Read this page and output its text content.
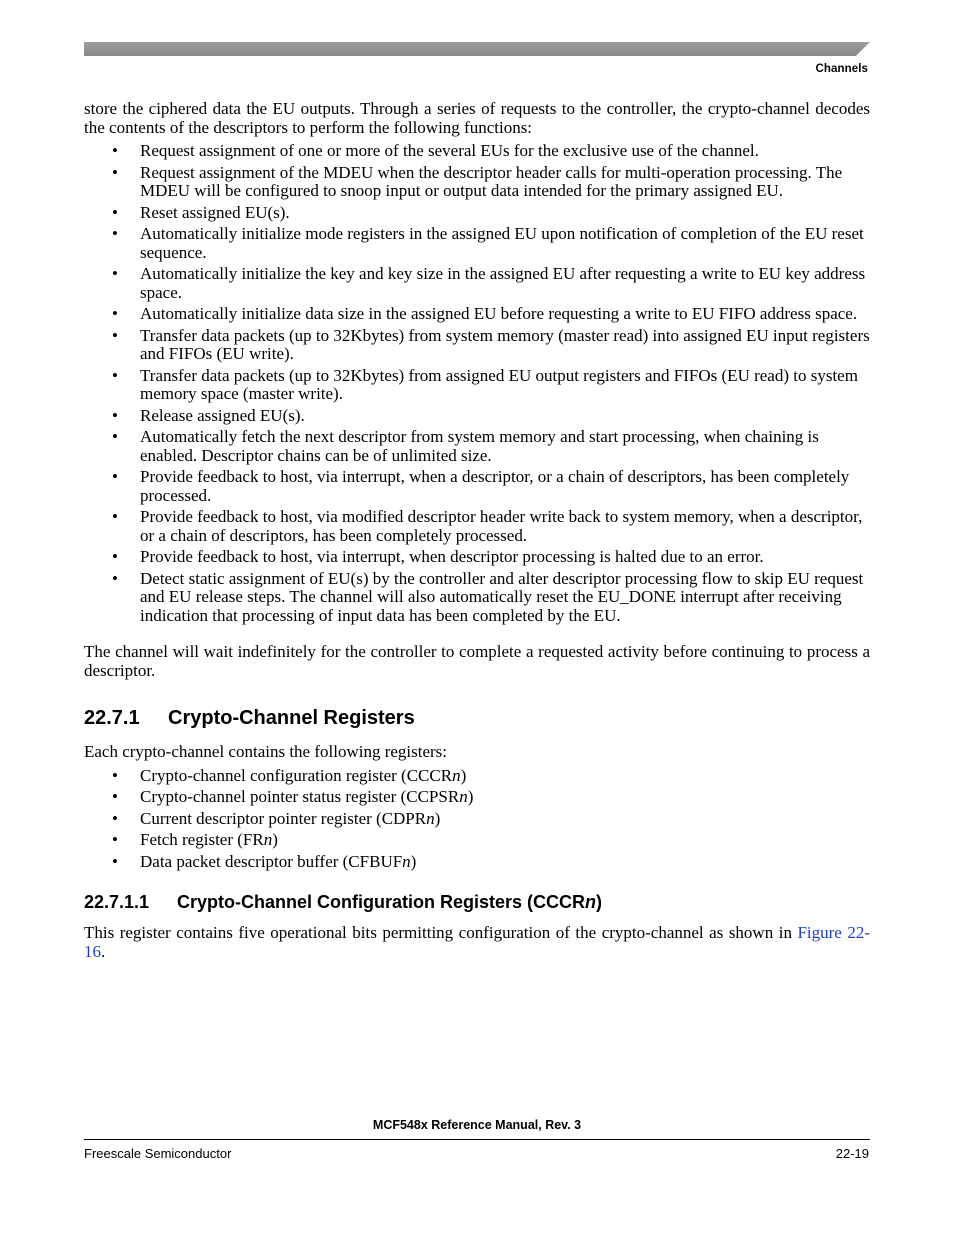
Channels

store the ciphered data the EU outputs. Through a series of requests to the controller, the crypto-channel decodes the contents of the descriptors to perform the following functions:

• Request assignment of one or more of the several EUs for the exclusive use of the channel.
• Request assignment of the MDEU when the descriptor header calls for multi-operation processing. The MDEU will be configured to snoop input or output data intended for the primary assigned EU.
• Reset assigned EU(s).
• Automatically initialize mode registers in the assigned EU upon notification of completion of the EU reset sequence.
• Automatically initialize the key and key size in the assigned EU after requesting a write to EU key address space.
• Automatically initialize data size in the assigned EU before requesting a write to EU FIFO address space.
• Transfer data packets (up to 32Kbytes) from system memory (master read) into assigned EU input registers and FIFOs (EU write).
• Transfer data packets (up to 32Kbytes) from assigned EU output registers and FIFOs (EU read) to system memory space (master write).
• Release assigned EU(s).
• Automatically fetch the next descriptor from system memory and start processing, when chaining is enabled. Descriptor chains can be of unlimited size.
• Provide feedback to host, via interrupt, when a descriptor, or a chain of descriptors, has been completely processed.
• Provide feedback to host, via modified descriptor header write back to system memory, when a descriptor, or a chain of descriptors, has been completely processed.
• Provide feedback to host, via interrupt, when descriptor processing is halted due to an error.
• Detect static assignment of EU(s) by the controller and alter descriptor processing flow to skip EU request and EU release steps. The channel will also automatically reset the EU_DONE interrupt after receiving indication that processing of input data has been completed by the EU.

The channel will wait indefinitely for the controller to complete a requested activity before continuing to process a descriptor.

22.7.1 Crypto-Channel Registers

Each crypto-channel contains the following registers:

• Crypto-channel configuration register (CCCRn)
• Crypto-channel pointer status register (CCPSRn)
• Current descriptor pointer register (CDPRn)
• Fetch register (FRn)
• Data packet descriptor buffer (CFBUFn)
22.7.1.1 Crypto-Channel Configuration Registers (CCCRn)

This register contains five operational bits permitting configuration of the crypto-channel as shown in Figure 22-16.

MCF548x Reference Manual, Rev. 3
Freescale Semiconductor	22-19
